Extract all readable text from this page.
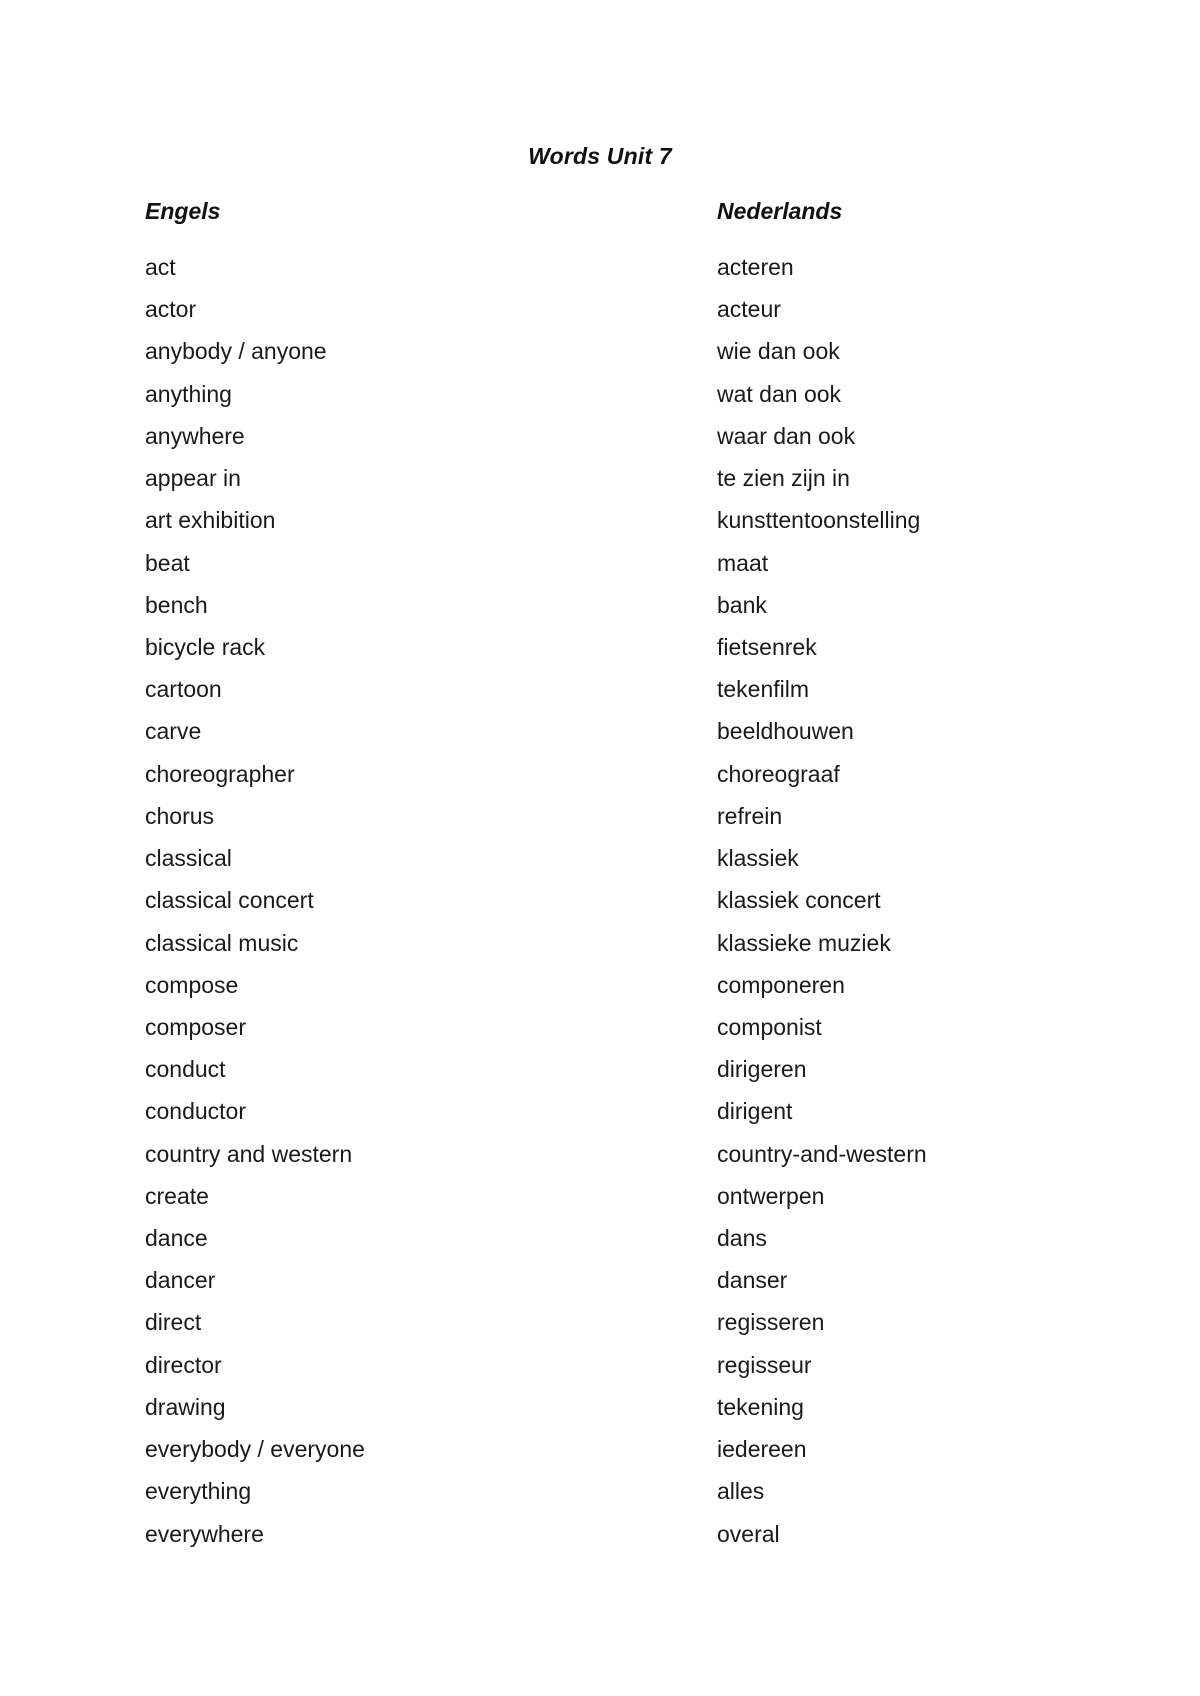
Words Unit 7
Engels	Nederlands
act	acteren
actor	acteur
anybody / anyone	wie dan ook
anything	wat dan ook
anywhere	waar dan ook
appear in	te zien zijn in
art exhibition	kunsttentoonstelling
beat	maat
bench	bank
bicycle rack	fietsenrek
cartoon	tekenfilm
carve	beeldhouwen
choreographer	choreograaf
chorus	refrein
classical	klassiek
classical concert	klassiek concert
classical music	klassieke muziek
compose	componeren
composer	componist
conduct	dirigeren
conductor	dirigent
country and western	country-and-western
create	ontwerpen
dance	dans
dancer	danser
direct	regisseren
director	regisseur
drawing	tekening
everybody / everyone	iedereen
everything	alles
everywhere	overal
